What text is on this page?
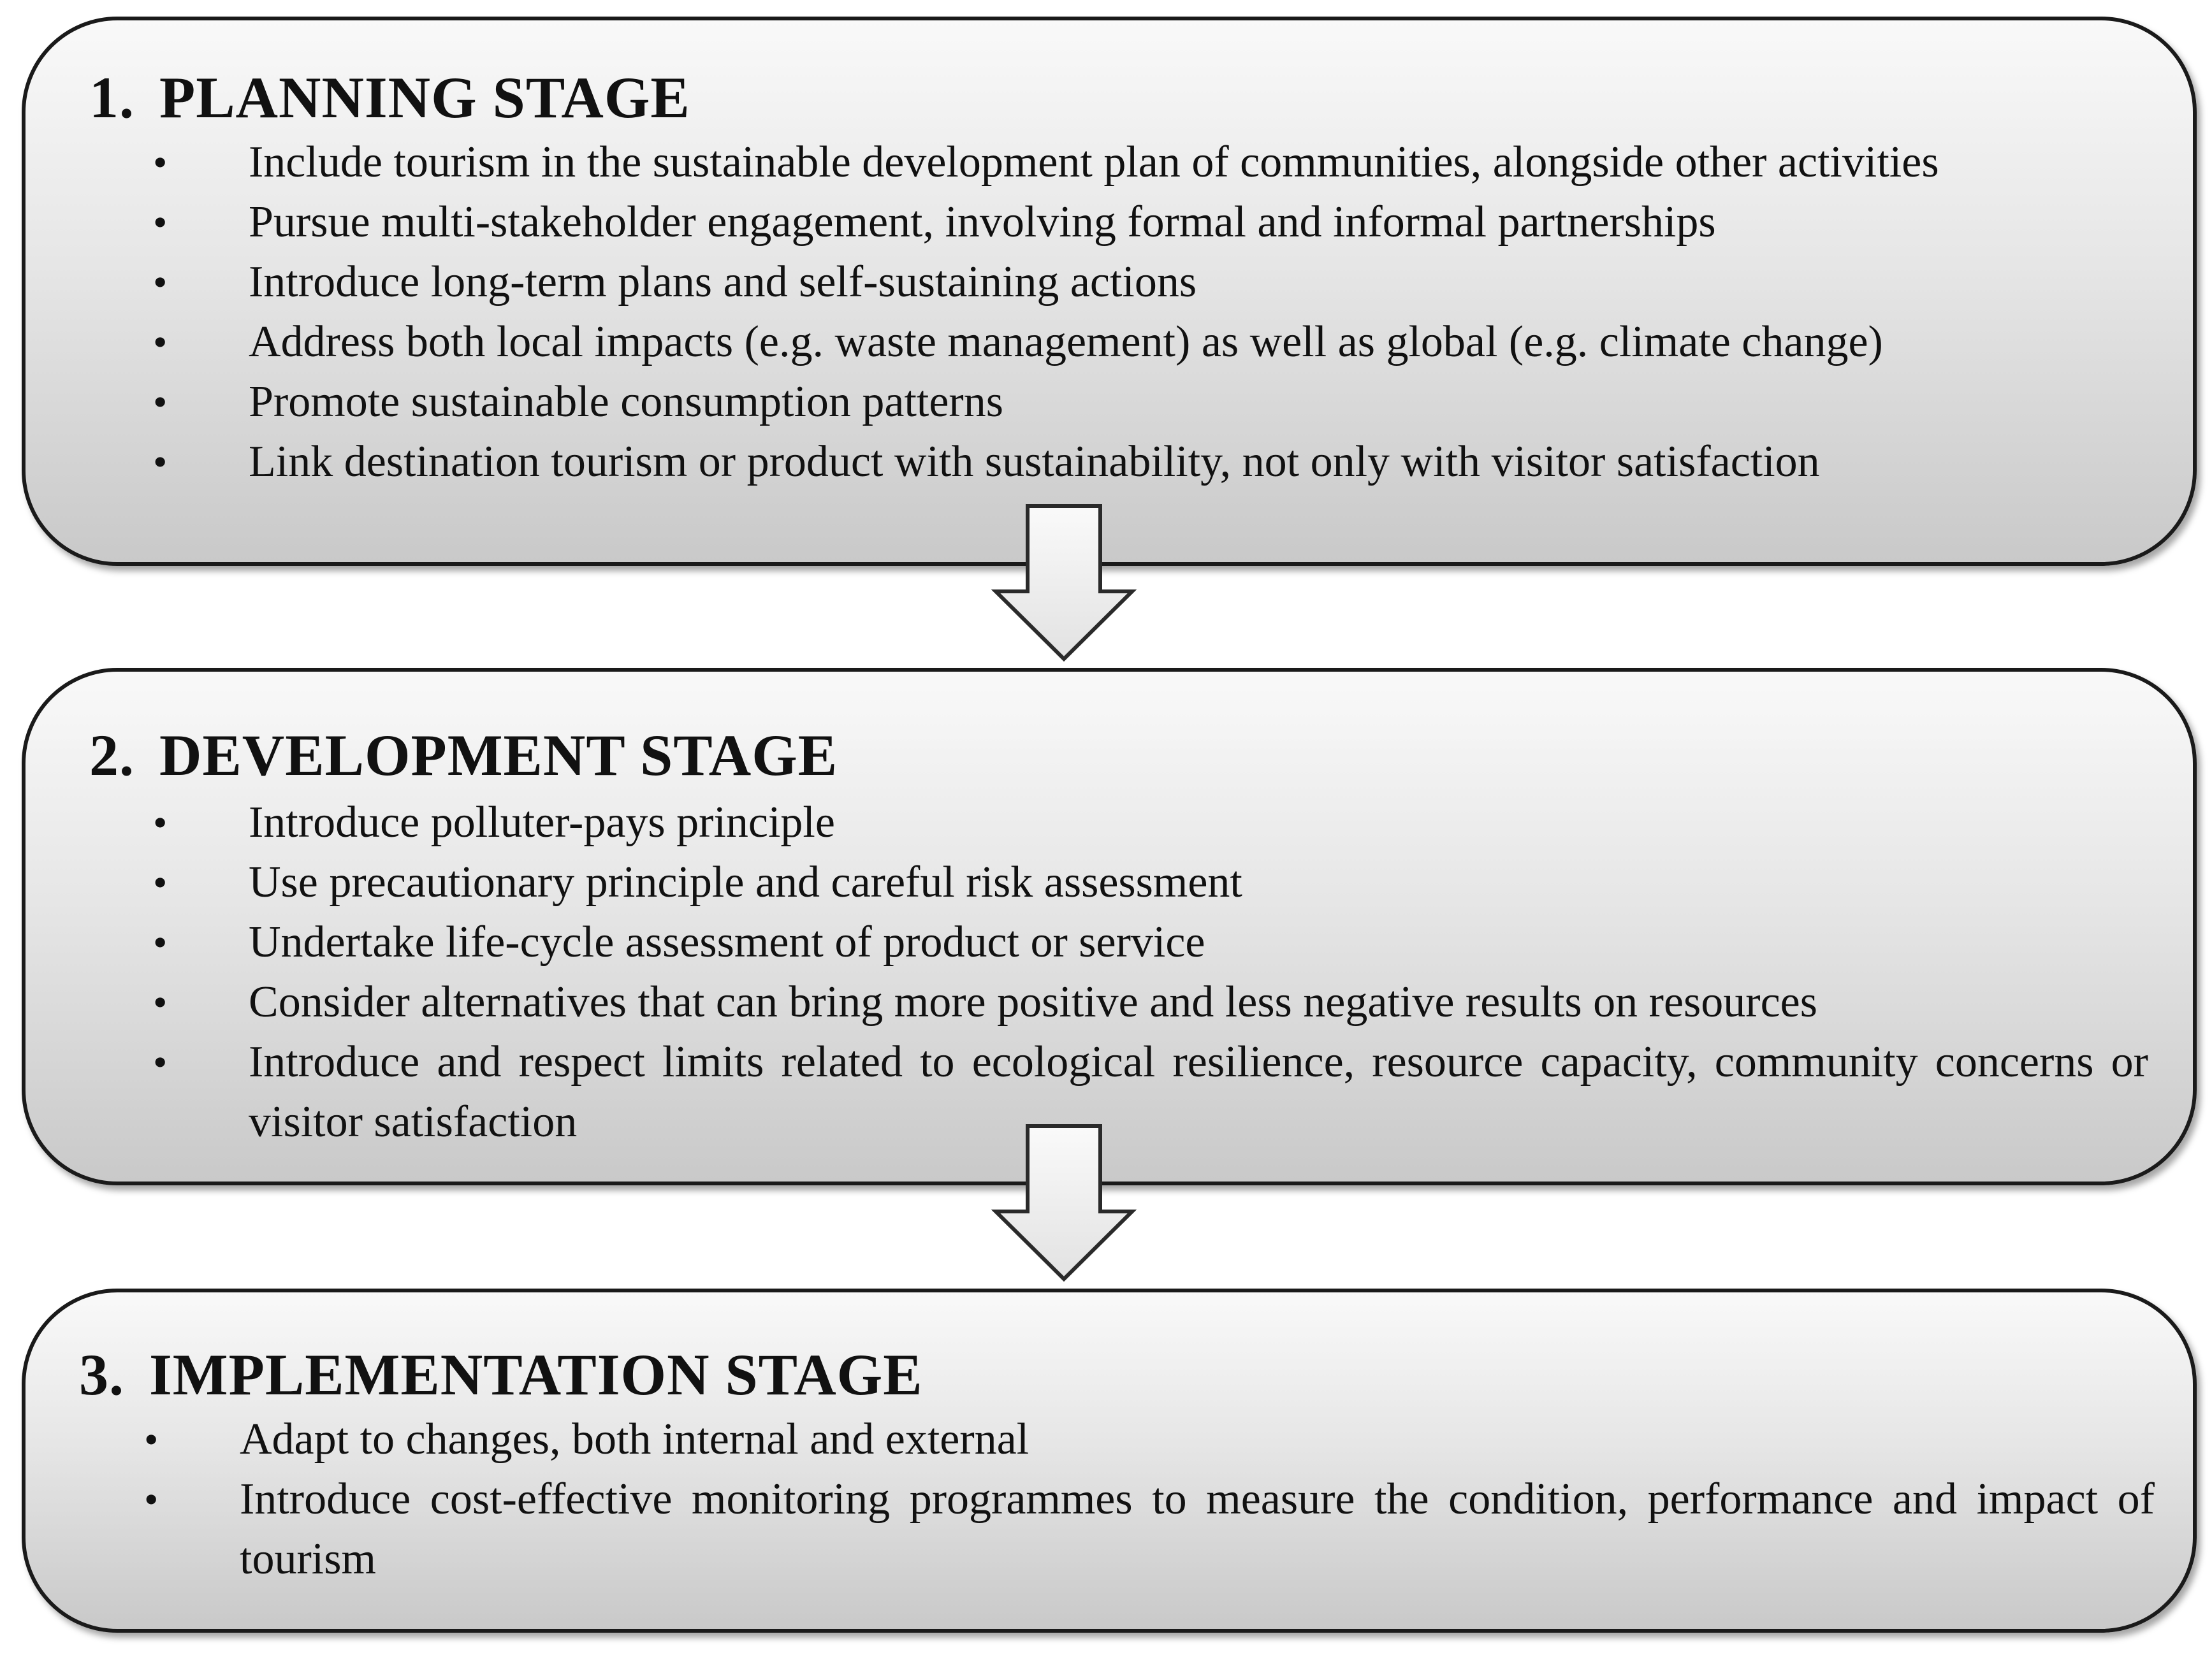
1. PLANNING STAGE
• Include tourism in the sustainable development plan of communities, alongside other activities
• Pursue multi-stakeholder engagement, involving formal and informal partnerships
• Introduce long-term plans and self-sustaining actions
• Address both local impacts (e.g. waste management) as well as global (e.g. climate change)
• Promote sustainable consumption patterns
• Link destination tourism or product with sustainability, not only with visitor satisfaction
2. DEVELOPMENT STAGE
• Introduce polluter-pays principle
• Use precautionary principle and careful risk assessment
• Undertake life-cycle assessment of product or service
• Consider alternatives that can bring more positive and less negative results on resources
• Introduce and respect limits related to ecological resilience, resource capacity, community concerns or visitor satisfaction
3. IMPLEMENTATION STAGE
• Adapt to changes, both internal and external
• Introduce cost-effective monitoring programmes to measure the condition, performance and impact of tourism
